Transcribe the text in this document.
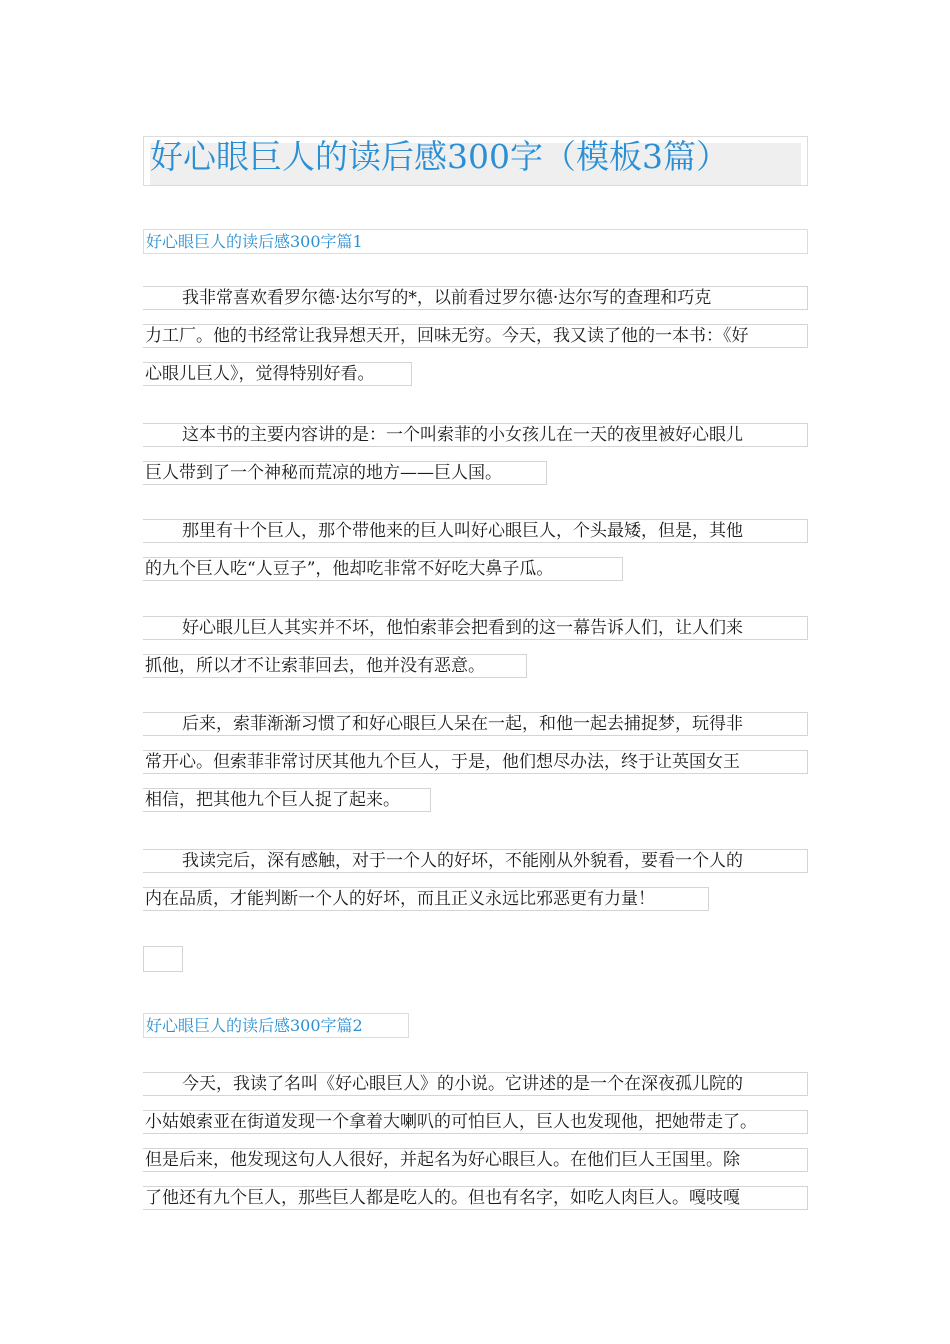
好心眼巨人的读后感300字（模板3篇）
好心眼巨人的读后感300字篇1
我非常喜欢看罗尔德·达尔写的*，以前看过罗尔德·达尔写的查理和巧克
力工厂。他的书经常让我异想天开，回味无穷。今天，我又读了他的一本书：《好
心眼儿巨人》，觉得特别好看。
这本书的主要内容讲的是：一个叫索菲的小女孩儿在一天的夜里被好心眼儿
巨人带到了一个神秘而荒凉的地方——巨人国。
那里有十个巨人，那个带他来的巨人叫好心眼巨人，个头最矮，但是，其他
的九个巨人吃“人豆子”，他却吃非常不好吃大鼻子瓜。
好心眼儿巨人其实并不坏，他怕索菲会把看到的这一幕告诉人们，让人们来
抓他，所以才不让索菲回去，他并没有恶意。
后来，索菲渐渐习惯了和好心眼巨人呆在一起，和他一起去捕捉梦，玩得非
常开心。但索菲非常讨厌其他九个巨人，于是，他们想尽办法，终于让英国女王
相信，把其他九个巨人捉了起来。
我读完后，深有感触，对于一个人的好坏，不能刚从外貌看，要看一个人的
内在品质，才能判断一个人的好坏，而且正义永远比邪恶更有力量！
好心眼巨人的读后感300字篇2
今天，我读了名叫《好心眼巨人》的小说。它讲述的是一个在深夜孤儿院的
小姑娘索亚在街道发现一个拿着大喇叭的可怕巨人，巨人也发现他，把她带走了。
但是后来，他发现这句人人很好，并起名为好心眼巨人。在他们巨人王国里。除
了他还有九个巨人，那些巨人都是吃人的。但也有名字，如吃人肉巨人。嘎吱嘎
